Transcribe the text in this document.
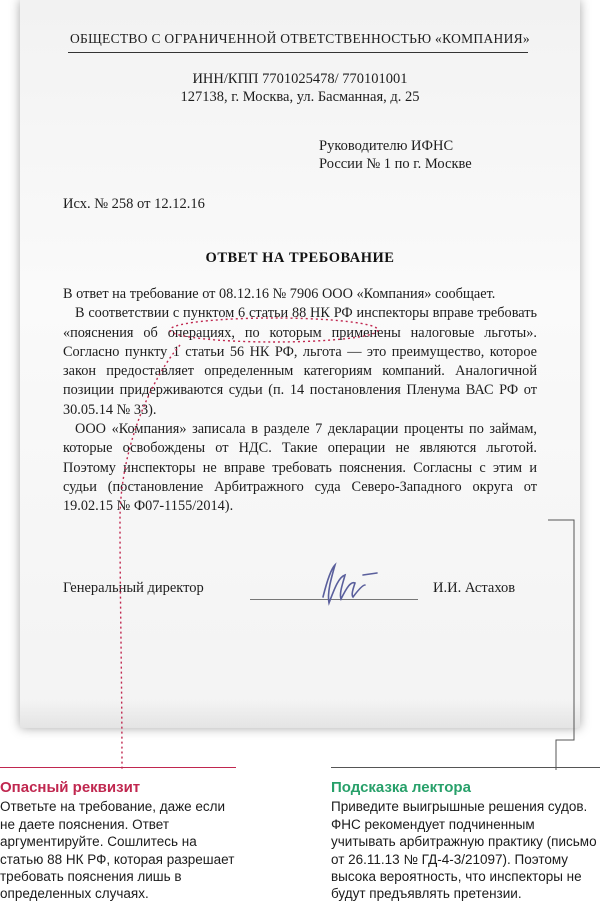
ОБЩЕСТВО С ОГРАНИЧЕННОЙ ОТВЕТСТВЕННОСТЬЮ «КОМПАНИЯ»
ИНН/КПП 7701025478/ 770101001
127138, г. Москва, ул. Басманная, д. 25
Руководителю ИФНС
России № 1 по г. Москве
Исх. № 258 от 12.12.16
ОТВЕТ НА ТРЕБОВАНИЕ

В ответ на требование от 08.12.16 № 7906 ООО «Компания» сообщает.

В соответствии с пунктом 6 статьи 88 НК РФ инспекторы вправе требовать «пояснения об операциях, по которым применены налоговые льготы». Согласно пункту 1 статьи 56 НК РФ, льгота — это преимущество, которое закон предоставляет определенным категориям компаний. Аналогичной позиции придерживаются судьи (п. 14 постановления Пленума ВАС РФ от 30.05.14 № 33).

ООО «Компания» записала в разделе 7 декларации проценты по займам, которые освобождены от НДС. Такие операции не являются льготой. Поэтому инспекторы не вправе требовать пояснения. Согласны с этим и судьи (постановление Арбитражного суда Северо-Западного округа от 19.02.15 № Ф07-1155/2014).

Генеральный директор	И.И. Астахов
Опасный реквизит
Ответьте на требование, даже если не даете пояснения. Ответ аргументируйте. Сошлитесь на статью 88 НК РФ, которая разрешает требовать пояснения лишь в определенных случаях.
Подсказка лектора
Приведите выигрышные решения судов. ФНС рекомендует подчиненным учитывать арбитражную практику (письмо от 26.11.13 № ГД-4-3/21097). Поэтому высока вероятность, что инспекторы не будут предъявлять претензии.
